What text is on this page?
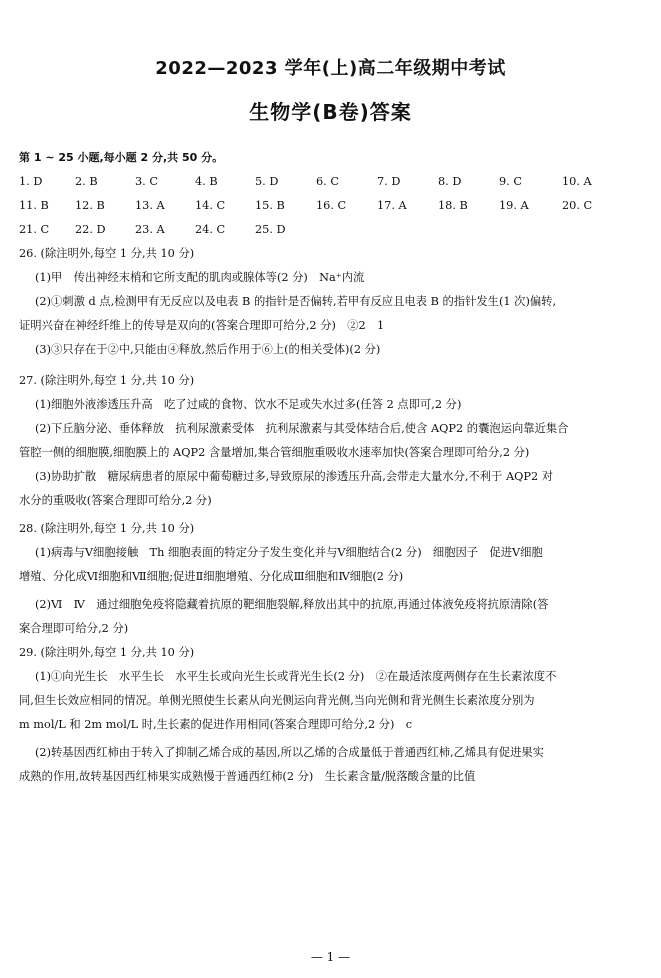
2022—2023 学年(上)高二年级期中考试
生物学(B卷)答案
第 1 ~ 25 小题,每小题 2 分,共 50 分。
1. D	2. B	3. C	4. B	5. D	6. C	7. D	8. D	9. C	10. A
11. B 12. B	13. A	14. C	15. B	16. C	17. A	18. B	19. A	20. C
21. C 22. D	23. A	24. C	25. D
26. (除注明外,每空 1 分,共 10 分)
(1)甲　传出神经末梢和它所支配的肌肉或腺体等(2 分)　Na⁺内流
(2)①刺激 d 点,检测甲有无反应以及电表 B 的指针是否偏转,若甲有反应且电表 B 的指针发生(1 次)偏转,
证明兴奋在神经纤维上的传导是双向的(答案合理即可给分,2 分)　②2　1
(3)③只存在于②中,只能由④释放,然后作用于⑥上(的相关受体)(2 分)
27. (除注明外,每空 1 分,共 10 分)
(1)细胞外液渗透压升高　吃了过咸的食物、饮水不足或失水过多(任答 2 点即可,2 分)
(2)下丘脑分泌、垂体释放　抗利尿激素受体　抗利尿激素与其受体结合后,使含 AQP2 的囊泡运向靠近集合
管腔一侧的细胞膜,细胞膜上的 AQP2 含量增加,集合管细胞重吸收水速率加快(答案合理即可给分,2 分)
(3)协助扩散　糖尿病患者的原尿中葡萄糖过多,导致原尿的渗透压升高,会带走大量水分,不利于 AQP2 对
水分的重吸收(答案合理即可给分,2 分)
28. (除注明外,每空 1 分,共 10 分)
(1)病毒与Ⅴ细胞接触　Th 细胞表面的特定分子发生变化并与Ⅴ细胞结合(2 分)　细胞因子　促进Ⅴ细胞
增殖、分化成Ⅵ细胞和Ⅶ细胞;促进Ⅱ细胞增殖、分化成Ⅲ细胞和Ⅳ细胞(2 分)
(2)Ⅵ　Ⅳ　通过细胞免疫将隐藏着抗原的靶细胞裂解,释放出其中的抗原,再通过体液免疫将抗原清除(答
案合理即可给分,2 分)
29. (除注明外,每空 1 分,共 10 分)
(1)①向光生长　水平生长　水平生长或向光生长或背光生长(2 分)　②在最适浓度两侧存在生长素浓度不
同,但生长效应相同的情况。单侧光照使生长素从向光侧运向背光侧,当向光侧和背光侧生长素浓度分别为
m mol/L 和 2m mol/L 时,生长素的促进作用相同(答案合理即可给分,2 分)　c
(2)转基因西红柿由于转入了抑制乙烯合成的基因,所以乙烯的合成量低于普通西红柿,乙烯具有促进果实
成熟的作用,故转基因西红柿果实成熟慢于普通西红柿(2 分)　生长素含量/脱落酸含量的比值
— 1 —
